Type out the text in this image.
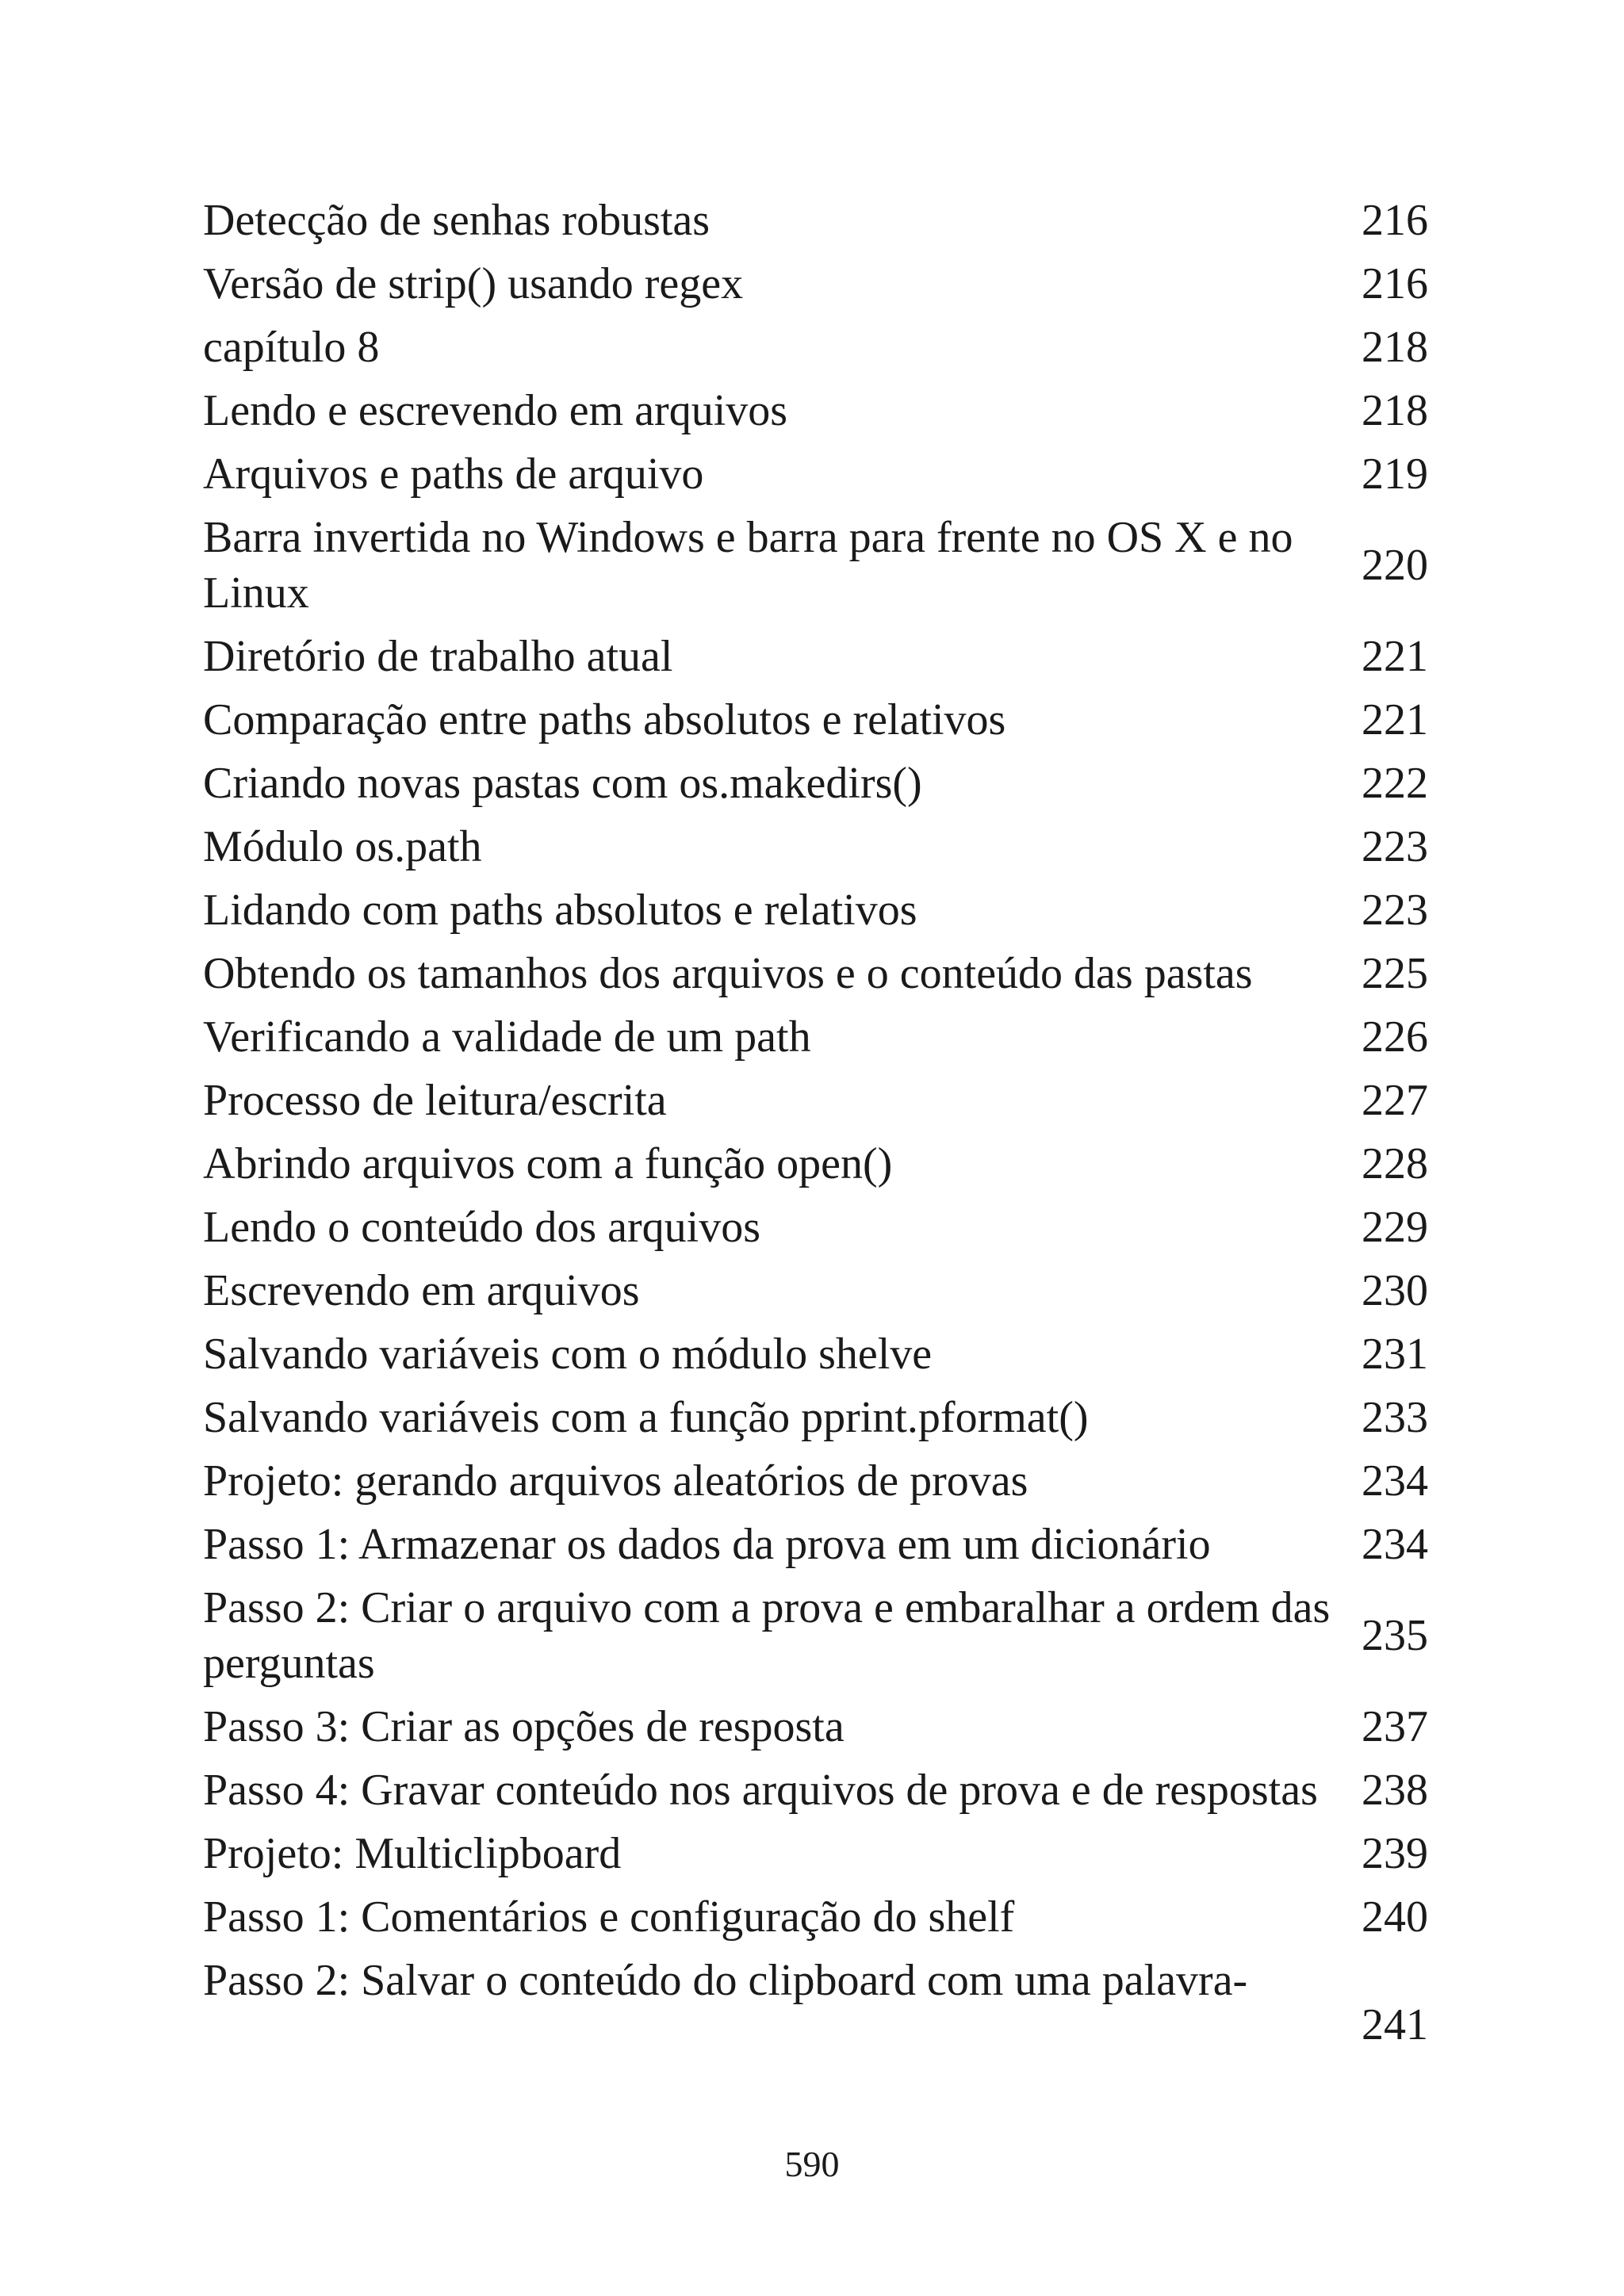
Detecção de senhas robustas	216
Versão de strip() usando regex	216
capítulo 8	218
Lendo e escrevendo em arquivos	218
Arquivos e paths de arquivo	219
Barra invertida no Windows e barra para frente no OS X e no Linux
220
Diretório de trabalho atual	221
Comparação entre paths absolutos e relativos	221
Criando novas pastas com os.makedirs()	222
Módulo os.path	223
Lidando com paths absolutos e relativos	223
Obtendo os tamanhos dos arquivos e o conteúdo das pastas 225
Verificando a validade de um path	226
Processo de leitura/escrita	227
Abrindo arquivos com a função open()	228
Lendo o conteúdo dos arquivos	229
Escrevendo em arquivos	230
Salvando variáveis com o módulo shelve	231
Salvando variáveis com a função pprint.pformat()	233
Projeto: gerando arquivos aleatórios de provas	234
Passo 1: Armazenar os dados da prova em um dicionário	234
Passo 2: Criar o arquivo com a prova e embaralhar a ordem das perguntas
235
Passo 3: Criar as opções de resposta	237
Passo 4: Gravar conteúdo nos arquivos de prova e de respostas 238
Projeto: Multiclipboard	239
Passo 1: Comentários e configuração do shelf	240
Passo 2: Salvar o conteúdo do clipboard com uma palavra-
241
590
